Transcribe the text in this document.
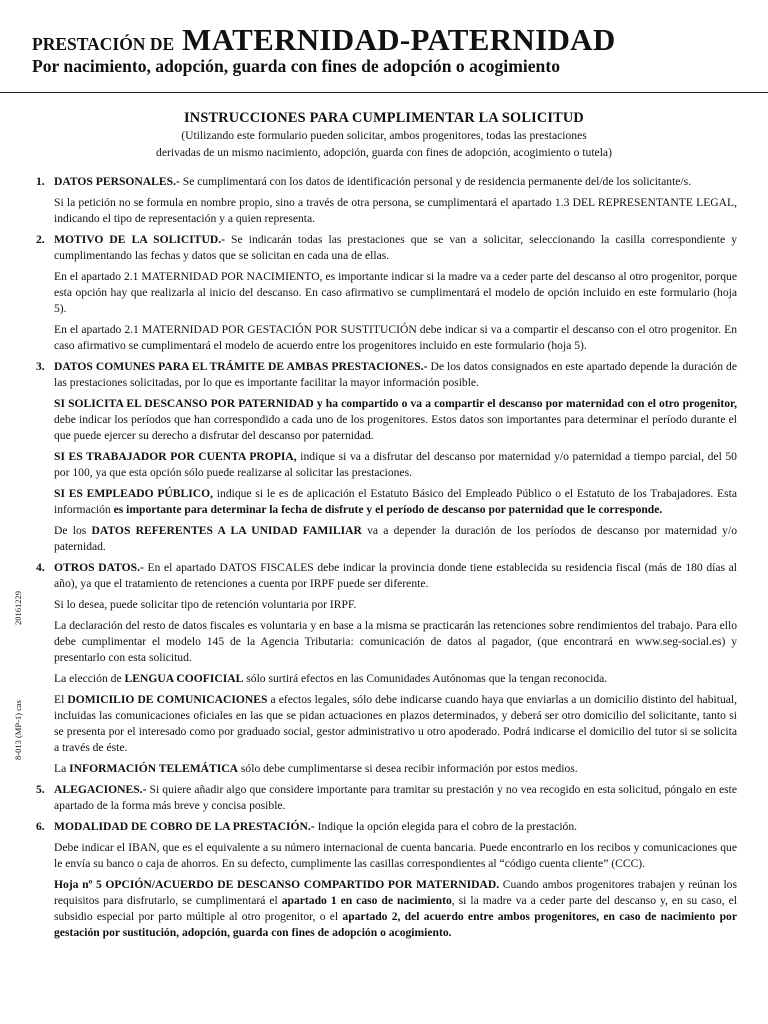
PRESTACIÓN DE MATERNIDAD-PATERNIDAD
Por nacimiento, adopción, guarda con fines de adopción o acogimiento
INSTRUCCIONES PARA CUMPLIMENTAR LA SOLICITUD
(Utilizando este formulario pueden solicitar, ambos progenitores, todas las prestaciones
derivadas de un mismo nacimiento, adopción, guarda con fines de adopción, acogimiento o tutela)
20161229
8-013 (MP-1) cas
1. DATOS PERSONALES.- Se cumplimentará con los datos de identificación personal y de residencia permanente del/de los solicitante/s.

Si la petición no se formula en nombre propio, sino a través de otra persona, se cumplimentará el apartado 1.3 DEL REPRESENTANTE LEGAL, indicando el tipo de representación y a quien representa.

2. MOTIVO DE LA SOLICITUD.- Se indicarán todas las prestaciones que se van a solicitar, seleccionando la casilla correspondiente y cumplimentando las fechas y datos que se solicitan en cada una de ellas.

En el apartado 2.1 MATERNIDAD POR NACIMIENTO, es importante indicar si la madre va a ceder parte del descanso al otro progenitor, porque esta opción hay que realizarla al inicio del descanso. En caso afirmativo se cumplimentará el modelo de opción incluido en este formulario (hoja 5).

En el apartado 2.1 MATERNIDAD POR GESTACIÓN POR SUSTITUCIÓN debe indicar si va a compartir el descanso con el otro progenitor. En caso afirmativo se cumplimentará el modelo de acuerdo entre los progenitores incluido en este formulario (hoja 5).

3. DATOS COMUNES PARA EL TRÁMITE DE AMBAS PRESTACIONES.- De los datos consignados en este apartado depende la duración de las prestaciones solicitadas, por lo que es importante facilitar la mayor información posible.

SI SOLICITA EL DESCANSO POR PATERNIDAD y ha compartido o va a compartir el descanso por maternidad con el otro progenitor, debe indicar los períodos que han correspondido a cada uno de los progenitores. Estos datos son importantes para determinar el período durante el que puede ejercer su derecho a disfrutar del descanso por paternidad.

SI ES TRABAJADOR POR CUENTA PROPIA, indique si va a disfrutar del descanso por maternidad y/o paternidad a tiempo parcial, del 50 por 100, ya que esta opción sólo puede realizarse al solicitar las prestaciones.

SI ES EMPLEADO PÚBLICO, indique si le es de aplicación el Estatuto Básico del Empleado Público o el Estatuto de los Trabajadores. Esta información es importante para determinar la fecha de disfrute y el período de descanso por paternidad que le corresponde.

De los DATOS REFERENTES A LA UNIDAD FAMILIAR va a depender la duración de los períodos de descanso por maternidad y/o paternidad.

4. OTROS DATOS.- En el apartado DATOS FISCALES debe indicar la provincia donde tiene establecida su residencia fiscal (más de 180 días al año), ya que el tratamiento de retenciones a cuenta por IRPF puede ser diferente.

Si lo desea, puede solicitar tipo de retención voluntaria por IRPF.

La declaración del resto de datos fiscales es voluntaria y en base a la misma se practicarán las retenciones sobre rendimientos del trabajo. Para ello debe cumplimentar el modelo 145 de la Agencia Tributaria: comunicación de datos al pagador, (que encontrará en www.seg-social.es) y presentarlo con esta solicitud.

La elección de LENGUA COOFICIAL sólo surtirá efectos en las Comunidades Autónomas que la tengan reconocida.

El DOMICILIO DE COMUNICACIONES a efectos legales, sólo debe indicarse cuando haya que enviarlas a un domicilio distinto del habitual, incluidas las comunicaciones oficiales en las que se pidan actuaciones en plazos determinados, y deberá ser otro domicilio del solicitante, tanto si se presenta por el interesado como por graduado social, gestor administrativo u otro apoderado. Podrá indicarse el domicilio del tutor si se solicita a través de éste.

La INFORMACIÓN TELEMÁTICA sólo debe cumplimentarse si desea recibir información por estos medios.

5. ALEGACIONES.- Si quiere añadir algo que considere importante para tramitar su prestación y no vea recogido en esta solicitud, póngalo en este apartado de la forma más breve y concisa posible.

6. MODALIDAD DE COBRO DE LA PRESTACIÓN.- Indique la opción elegida para el cobro de la prestación.

Debe indicar el IBAN, que es el equivalente a su número internacional de cuenta bancaria. Puede encontrarlo en los recibos y comunicaciones que le envía su banco o caja de ahorros. En su defecto, cumplimente las casillas correspondientes al “código cuenta cliente” (CCC).

Hoja nº 5 OPCIÓN/ACUERDO DE DESCANSO COMPARTIDO POR MATERNIDAD. Cuando ambos progenitores trabajen y reúnan los requisitos para disfrutarlo, se cumplimentará el apartado 1 en caso de nacimiento, si la madre va a ceder parte del descanso y, en su caso, el subsidio especial por parto múltiple al otro progenitor, o el apartado 2, del acuerdo entre ambos progenitores, en caso de nacimiento por gestación por sustitución, adopción, guarda con fines de adopción o acogimiento.
